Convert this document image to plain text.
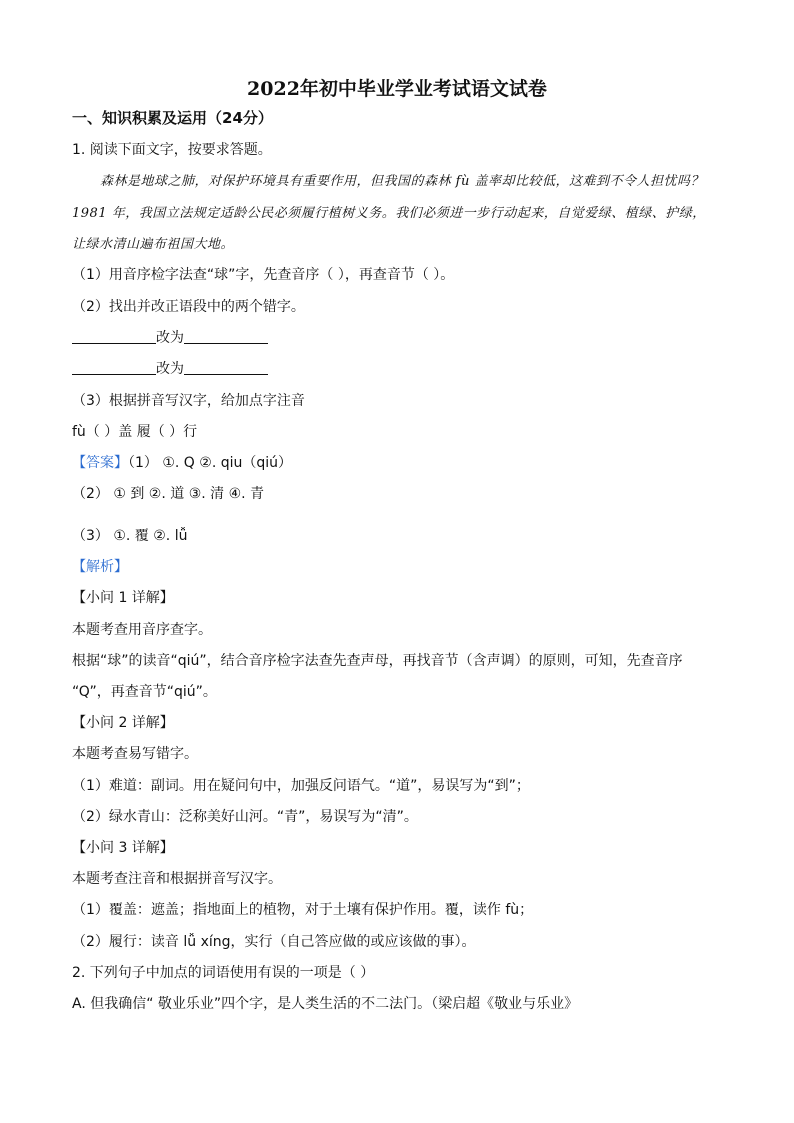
2022年初中毕业学业考试语文试卷
一、知识积累及运用（24分）
1. 阅读下面文字，按要求答题。
森林是地球之肺，对保护环境具有重要作用，但我国的森林 fù 盖率却比较低，这难到不令人担忧吗？
1981 年，我国立法规定适龄公民必须履行植树义务。我们必须进一步行动起来，自觉爱绿、植绿、护绿，
让绿水清山遍布祖国大地。
（1）用音序检字法查“球”字，先查音序（ ），再查音节（ ）。
（2）找出并改正语段中的两个错字。
改为
改为
（3）根据拼音写汉字，给加点字注音
fù（ ）盖 履（ ）行
【答案】（1） ①. Q ②. qiu（qiú）
（2） ① 到 ②. 道 ③. 清 ④. 青
（3） ①. 覆 ②. lǚ
【解析】
【小问 1 详解】
本题考查用音序查字。
根据“球”的读音“qiú”，结合音序检字法查先查声母，再找音节（含声调）的原则，可知，先查音序
“Q”，再查音节“qiú”。
【小问 2 详解】
本题考查易写错字。
（1）难道：副词。用在疑问句中，加强反问语气。“道”，易误写为“到”；
（2）绿水青山：泛称美好山河。“青”，易误写为“清”。
【小问 3 详解】
本题考查注音和根据拼音写汉字。
（1）覆盖：遮盖；指地面上的植物，对于土壤有保护作用。覆，读作 fù；
（2）履行：读音 lǚ xíng，实行（自己答应做的或应该做的事）。
2. 下列句子中加点的词语使用有误的一项是（ ）
A. 但我确信“ 敬业乐业”四个字，是人类生活的不二法门。（梁启超《敬业与乐业》
